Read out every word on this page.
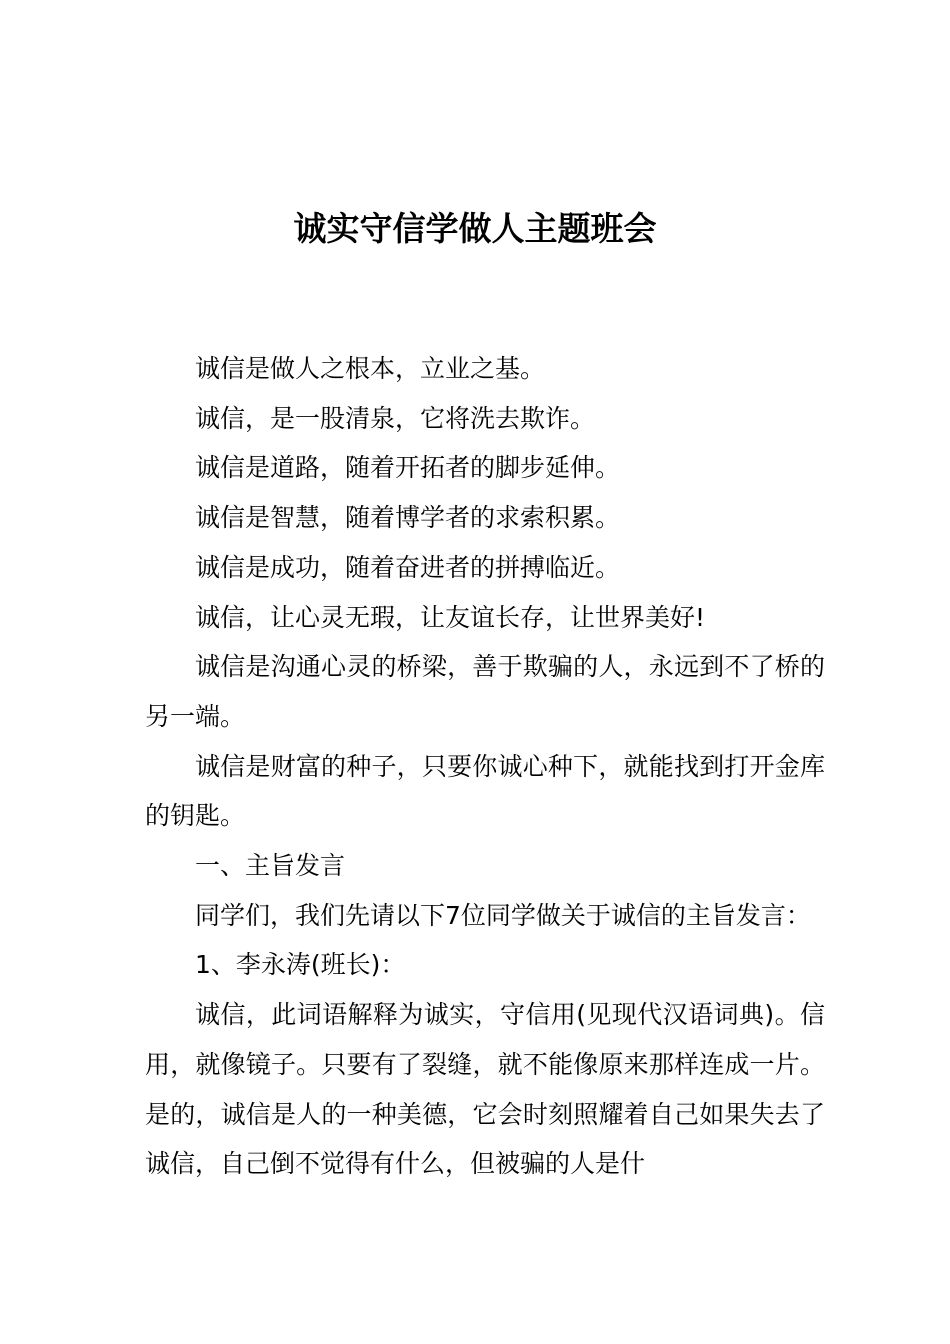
诚实守信学做人主题班会

诚信是做人之根本，立业之基。

诚信，是一股清泉，它将洗去欺诈。

诚信是道路，随着开拓者的脚步延伸。

诚信是智慧，随着博学者的求索积累。

诚信是成功，随着奋进者的拼搏临近。

诚信，让心灵无瑕，让友谊长存，让世界美好!

诚信是沟通心灵的桥梁，善于欺骗的人，永远到不了桥的另一端。

诚信是财富的种子，只要你诚心种下，就能找到打开金库的钥匙。

一、主旨发言

同学们，我们先请以下7位同学做关于诚信的主旨发言：

1、李永涛(班长)：

诚信，此词语解释为诚实，守信用(见现代汉语词典)。信用，就像镜子。只要有了裂缝，就不能像原来那样连成一片。是的，诚信是人的一种美德，它会时刻照耀着自己如果失去了诚信，自己倒不觉得有什么，但被骗的人是什
